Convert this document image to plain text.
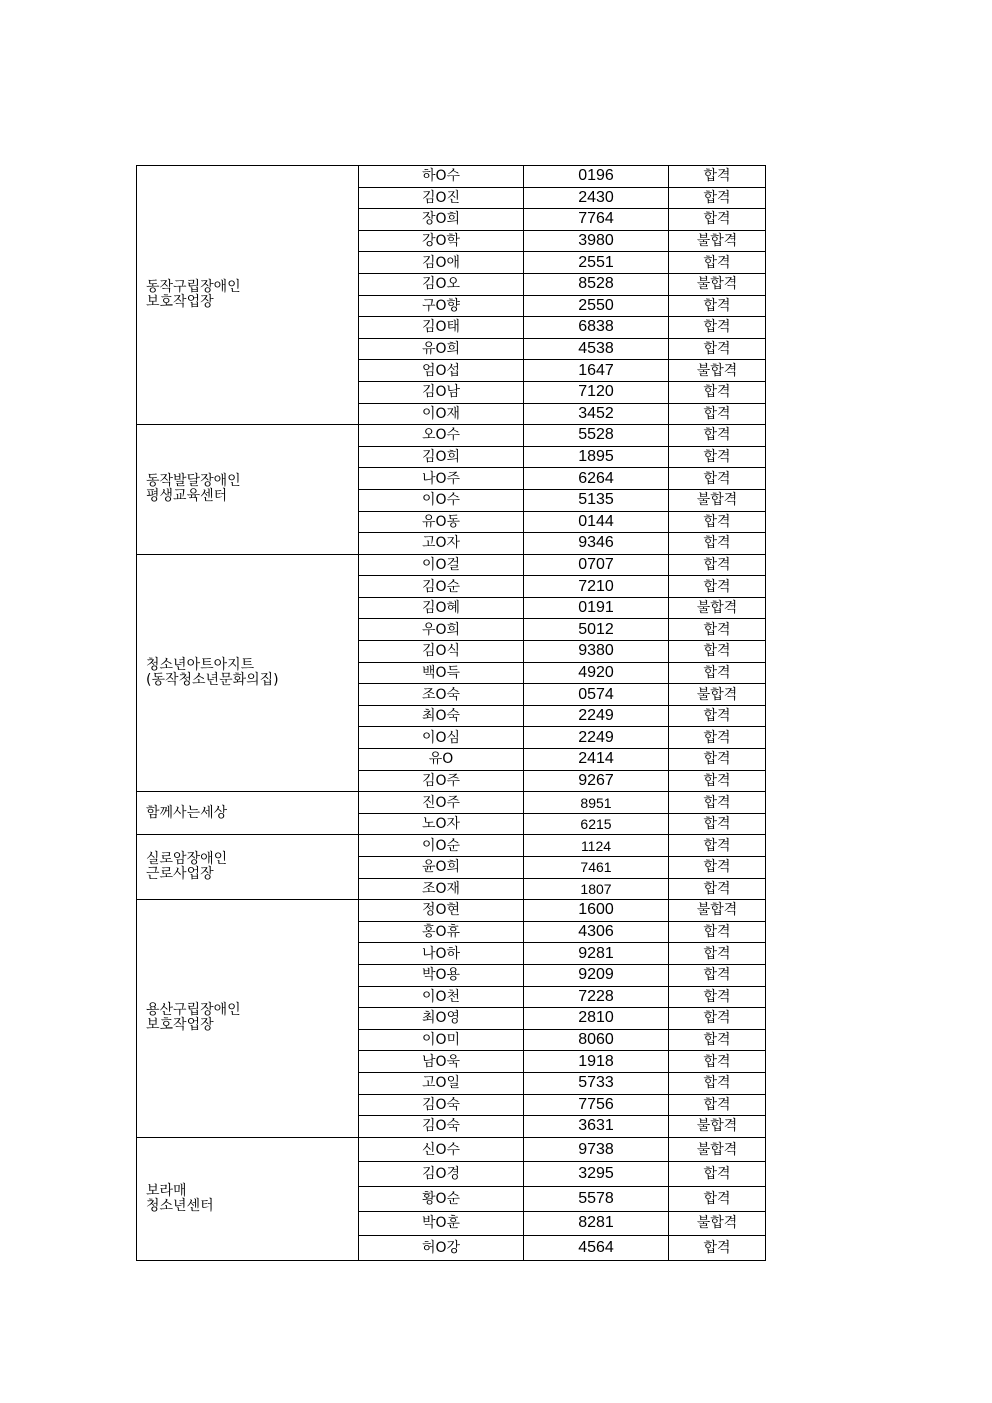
동작구립장애인
보호작업장	하O수	0196	합격
	김O진	2430	합격
	장O희	7764	합격
	강O학	3980	불합격
	김O애	2551	합격
	김O오	8528	불합격
	구O향	2550	합격
	김O태	6838	합격
	유O희	4538	합격
	엄O섭	1647	불합격
	김O남	7120	합격
	이O재	3452	합격

동작발달장애인
평생교육센터	오O수	5528	합격
	김O희	1895	합격
	나O주	6264	합격
	이O수	5135	불합격
	유O동	0144	합격
	고O자	9346	합격

청소년아트아지트
(동작청소년문화의집)	이O걸	0707	합격
	김O순	7210	합격
	김O혜	0191	불합격
	우O희	5012	합격
	김O식	9380	합격
	백O득	4920	합격
	조O숙	0574	불합격
	최O숙	2249	합격
	이O심	2249	합격
	유O	2414	합격
	김O주	9267	합격

함께사는세상	진O주	8951	합격
	노O자	6215	합격

실로암장애인
근로사업장	이O순	1124	합격
	윤O희	7461	합격
	조O재	1807	합격

용산구립장애인
보호작업장	정O현	1600	불합격
	홍O휴	4306	합격
	나O하	9281	합격
	박O용	9209	합격
	이O천	7228	합격
	최O영	2810	합격
	이O미	8060	합격
	남O욱	1918	합격
	고O일	5733	합격
	김O숙	7756	합격
	김O숙	3631	불합격

보라매
청소년센터	신O수	9738	불합격
	김O경	3295	합격
	황O순	5578	합격
	박O훈	8281	불합격
	허O강	4564	합격
